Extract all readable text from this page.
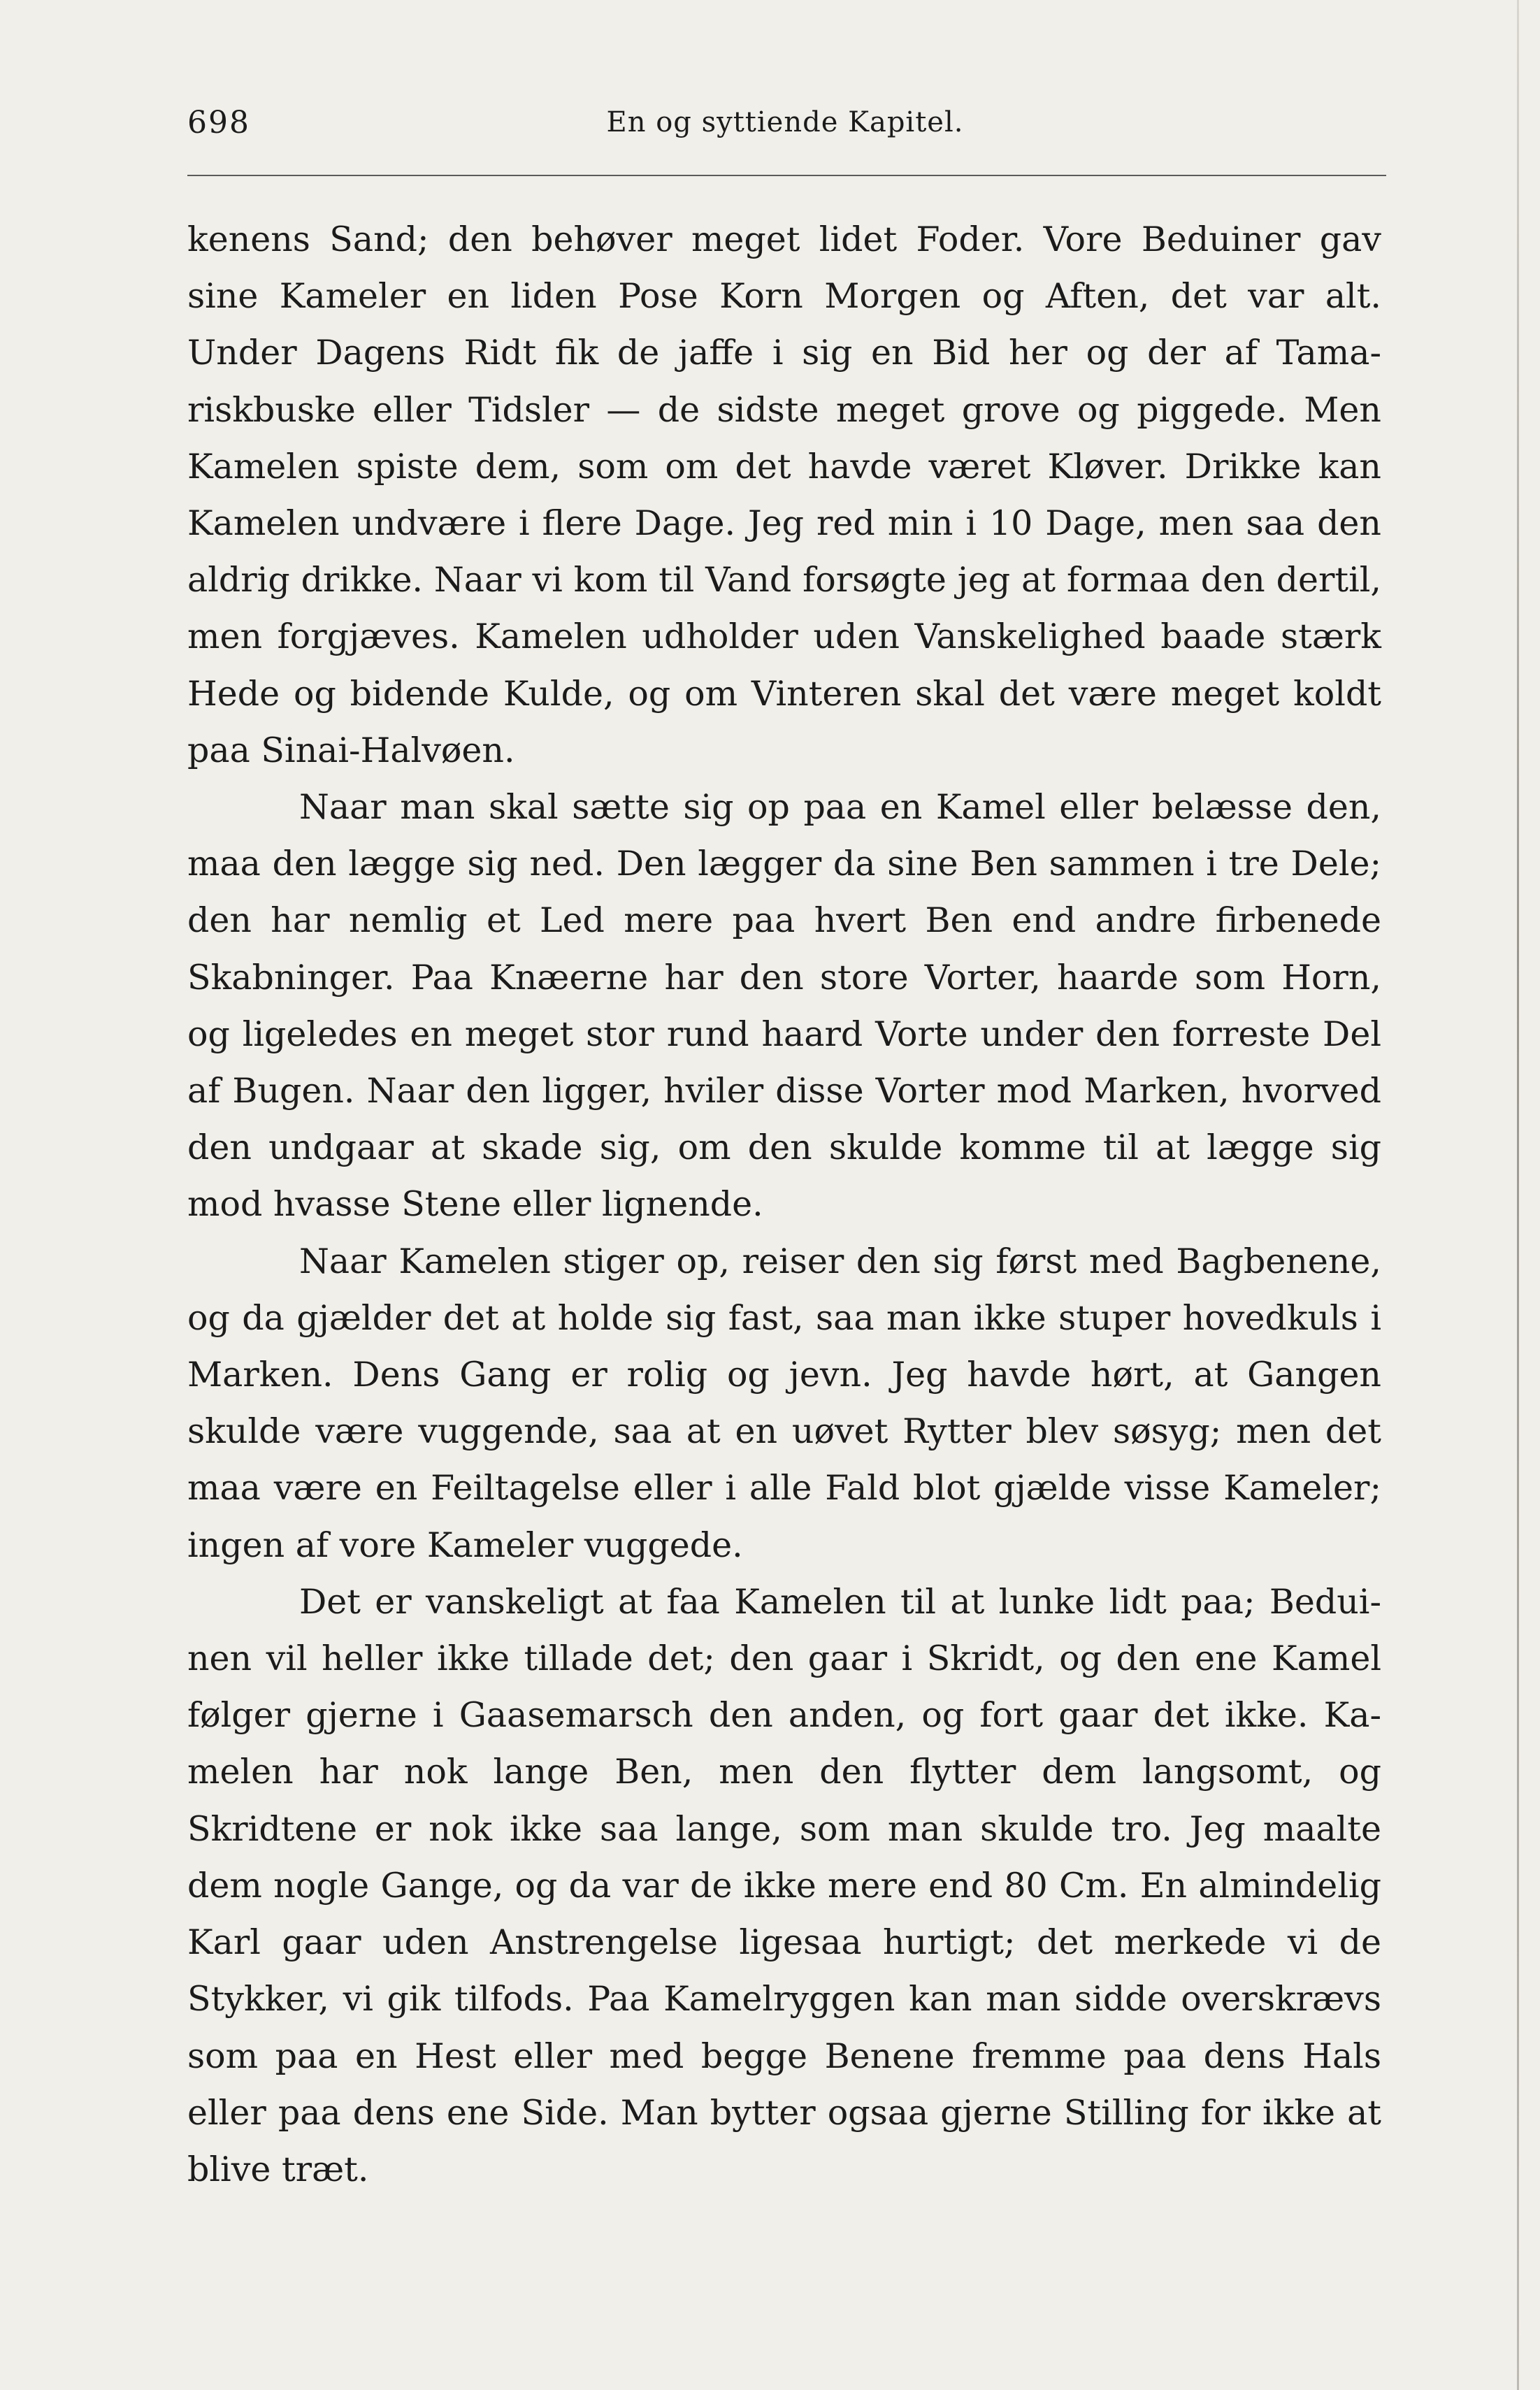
698	En og syttiende Kapitel.

kenens Sand; den behøver meget lidet Foder. Vore Beduiner gav sine Kameler en liden Pose Korn Morgen og Aften, det var alt. Under Dagens Ridt fik de jaffe i sig en Bid her og der af Tamariskbuske eller Tidsler — de sidste meget grove og piggede. Men Kamelen spiste dem, som om det havde været Kløver. Drikke kan Kamelen undvære i flere Dage. Jeg red min i 10 Dage, men saa den aldrig drikke. Naar vi kom til Vand forsøgte jeg at formaa den dertil, men forgjæves. Kamelen udholder uden Vanskelighed baade stærk Hede og bidende Kulde, og om Vinteren skal det være meget koldt paa Sinai-Halvøen.

Naar man skal sætte sig op paa en Kamel eller belæsse den, maa den lægge sig ned. Den lægger da sine Ben sammen i tre Dele; den har nemlig et Led mere paa hvert Ben end andre firbenede Skabninger. Paa Knæerne har den store Vorter, haarde som Horn, og ligeledes en meget stor rund haard Vorte under den forreste Del af Bugen. Naar den ligger, hviler disse Vorter mod Marken, hvorved den undgaar at skade sig, om den skulde komme til at lægge sig mod hvasse Stene eller lignende.

Naar Kamelen stiger op, reiser den sig først med Bagbenene, og da gjælder det at holde sig fast, saa man ikke stuper hovedkuls i Marken. Dens Gang er rolig og jevn. Jeg havde hørt, at Gangen skulde være vuggende, saa at en uøvet Rytter blev søsyg; men det maa være en Feiltagelse eller i alle Fald blot gjælde visse Kameler; ingen af vore Kameler vuggede.

Det er vanskeligt at faa Kamelen til at lunke lidt paa; Beduinen vil heller ikke tillade det; den gaar i Skridt, og den ene Kamel følger gjerne i Gaasemarsch den anden, og fort gaar det ikke. Kamelen har nok lange Ben, men den flytter dem langsomt, og Skridtene er nok ikke saa lange, som man skulde tro. Jeg maalte dem nogle Gange, og da var de ikke mere end 80 Cm. En almindelig Karl gaar uden Anstrengelse ligesaa hurtigt; det merkede vi de Stykker, vi gik tilfods. Paa Kamelryggen kan man sidde overskrævs som paa en Hest eller med begge Benene fremme paa dens Hals eller paa dens ene Side. Man bytter ogsaa gjerne Stilling for ikke at blive træt.
